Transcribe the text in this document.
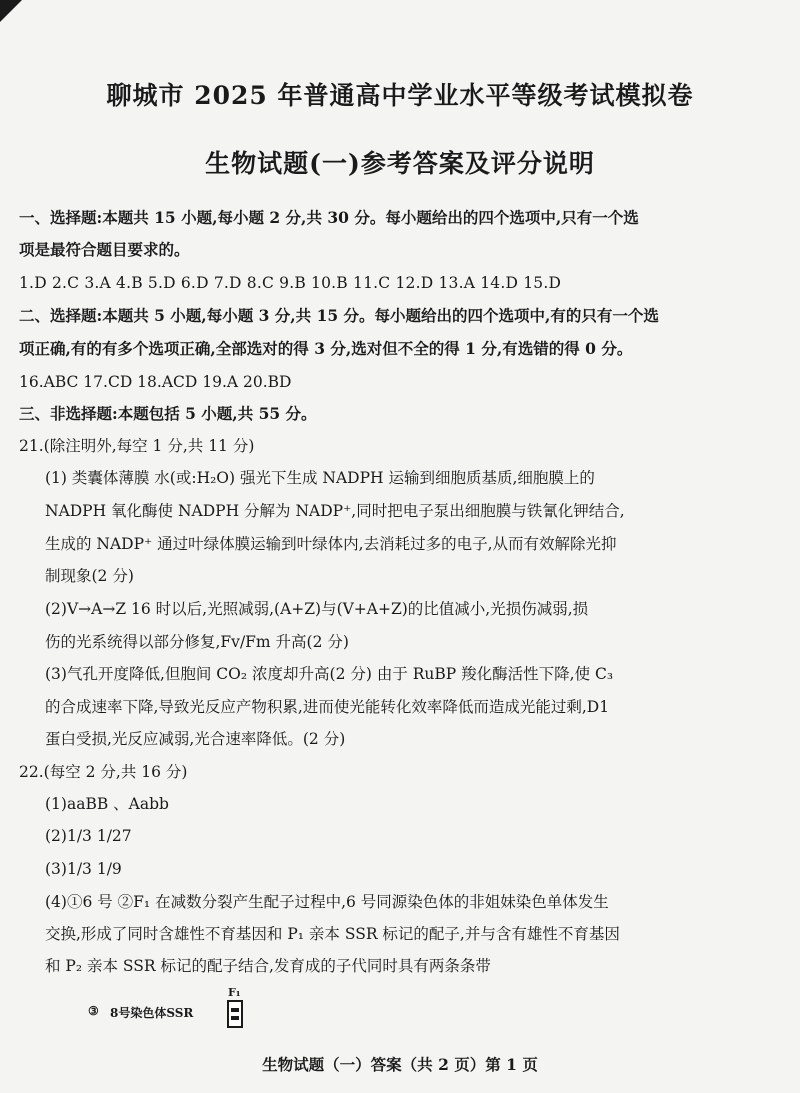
聊城市 2025 年普通高中学业水平等级考试模拟卷
生物试题(一)参考答案及评分说明
一、选择题:本题共 15 小题,每小题 2 分,共 30 分。每小题给出的四个选项中,只有一个选
项是最符合题目要求的。
1.D 2.C 3.A 4.B 5.D 6.D 7.D 8.C 9.B 10.B 11.C 12.D 13.A 14.D 15.D
二、选择题:本题共 5 小题,每小题 3 分,共 15 分。每小题给出的四个选项中,有的只有一个选
项正确,有的有多个选项正确,全部选对的得 3 分,选对但不全的得 1 分,有选错的得 0 分。
16.ABC 17.CD 18.ACD 19.A 20.BD
三、非选择题:本题包括 5 小题,共 55 分。
21.(除注明外,每空 1 分,共 11 分)
(1) 类囊体薄膜 水(或:H₂O) 强光下生成 NADPH 运输到细胞质基质,细胞膜上的
NADPH 氧化酶使 NADPH 分解为 NADP⁺,同时把电子泵出细胞膜与铁氰化钾结合,
生成的 NADP⁺ 通过叶绿体膜运输到叶绿体内,去消耗过多的电子,从而有效解除光抑
制现象(2 分)
(2)V→A→Z 16 时以后,光照减弱,(A+Z)与(V+A+Z)的比值减小,光损伤减弱,损
伤的光系统得以部分修复,Fv/Fm 升高(2 分)
(3)气孔开度降低,但胞间 CO₂ 浓度却升高(2 分) 由于 RuBP 羧化酶活性下降,使 C₃
的合成速率下降,导致光反应产物积累,进而使光能转化效率降低而造成光能过剩,D1
蛋白受损,光反应减弱,光合速率降低。(2 分)
22.(每空 2 分,共 16 分)
(1)aaBB 、Aabb
(2)1/3 1/27
(3)1/3 1/9
(4)①6 号 ②F₁ 在减数分裂产生配子过程中,6 号同源染色体的非姐妹染色单体发生
交换,形成了同时含雄性不育基因和 P₁ 亲本 SSR 标记的配子,并与含有雄性不育基因
和 P₂ 亲本 SSR 标记的配子结合,发育成的子代同时具有两条条带
③ 8号染色体SSR
F₁
生物试题（一）答案（共 2 页）第 1 页
